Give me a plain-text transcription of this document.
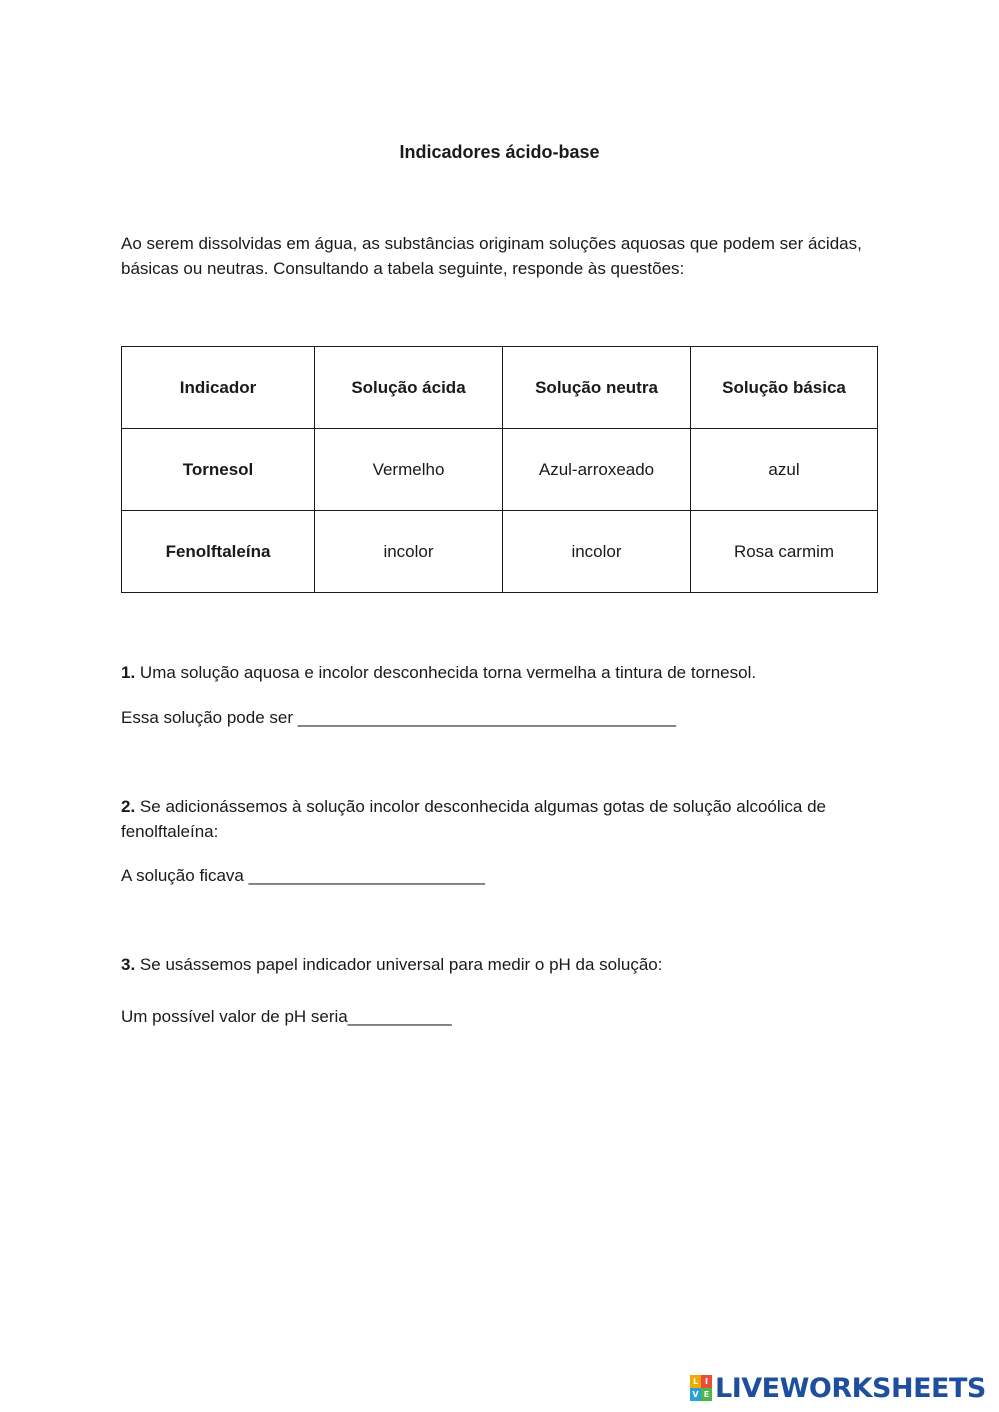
Indicadores ácido-base

Ao serem dissolvidas em água, as substâncias originam soluções aquosas que podem ser ácidas, básicas ou neutras. Consultando a tabela seguinte, responde às questões:

Indicador	Solução ácida	Solução neutra	Solução básica
Tornesol	Vermelho	Azul-arroxeado	azul
Fenolftaleína	incolor	incolor	Rosa carmim

1. Uma solução aquosa e incolor desconhecida torna vermelha a tintura de tornesol.

Essa solução pode ser ________________________________________

2. Se adicionássemos à solução incolor desconhecida algumas gotas de solução alcoólica de fenolftaleína:

A solução ficava _________________________

3. Se usássemos papel indicador universal para medir o pH da solução:

Um possível valor de pH seria___________

L I
V E LIVEWORKSHEETS
